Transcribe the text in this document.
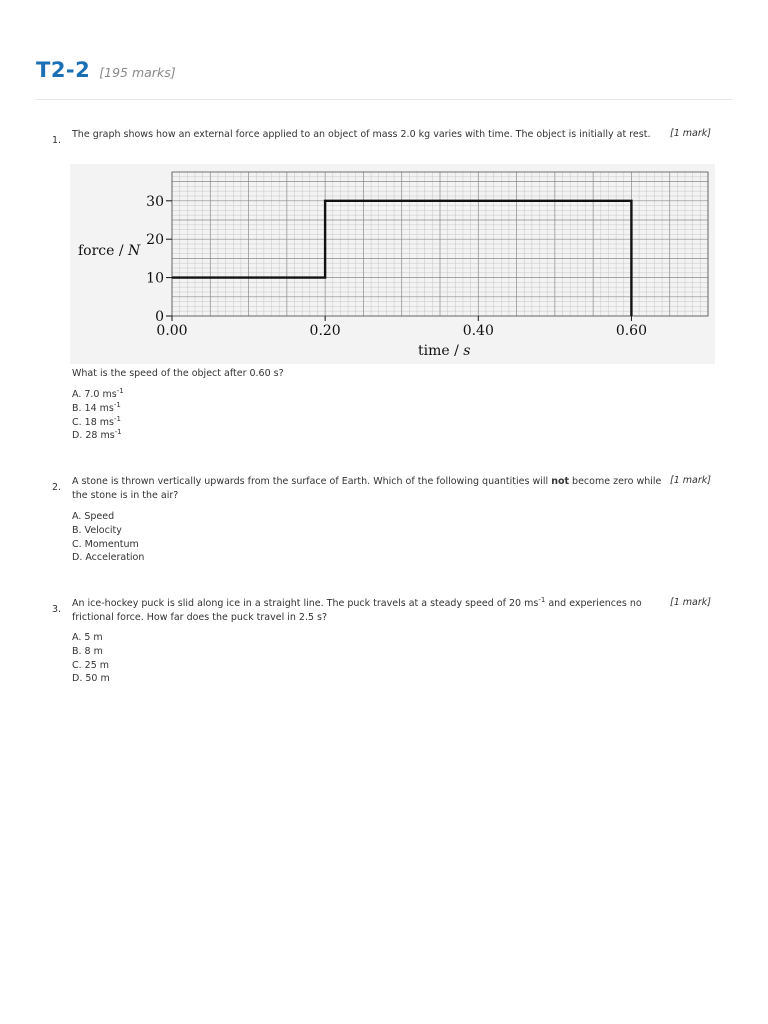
T2-2 [195 marks]
1.
The graph shows how an external force applied to an object of mass 2.0 kg varies with time. The object is initially at rest.	[1 mark]
0
10
20
30
0.00	0.20	0.40	0.60
force / N
time / s
What is the speed of the object after 0.60 s?
A. 7.0 $ms^{-1}$
B. 14 $ms^{-1}$
C. 18 $ms^{-1}$
D. 28 $ms^{-1}$
2.
A stone is thrown vertically upwards from the surface of Earth. Which of the following quantities will not become zero while the stone is in the air?
[1 mark]
A. Speed
B. Velocity
C. Momentum
D. Acceleration
3.
An ice-hockey puck is slid along ice in a straight line. The puck travels at a steady speed of 20 $ms^{-1}$ and experiences no frictional force. How far does the puck travel in 2.5 s?
[1 mark]
A. 5 m
B. 8 m
C. 25 m
D. 50 m
